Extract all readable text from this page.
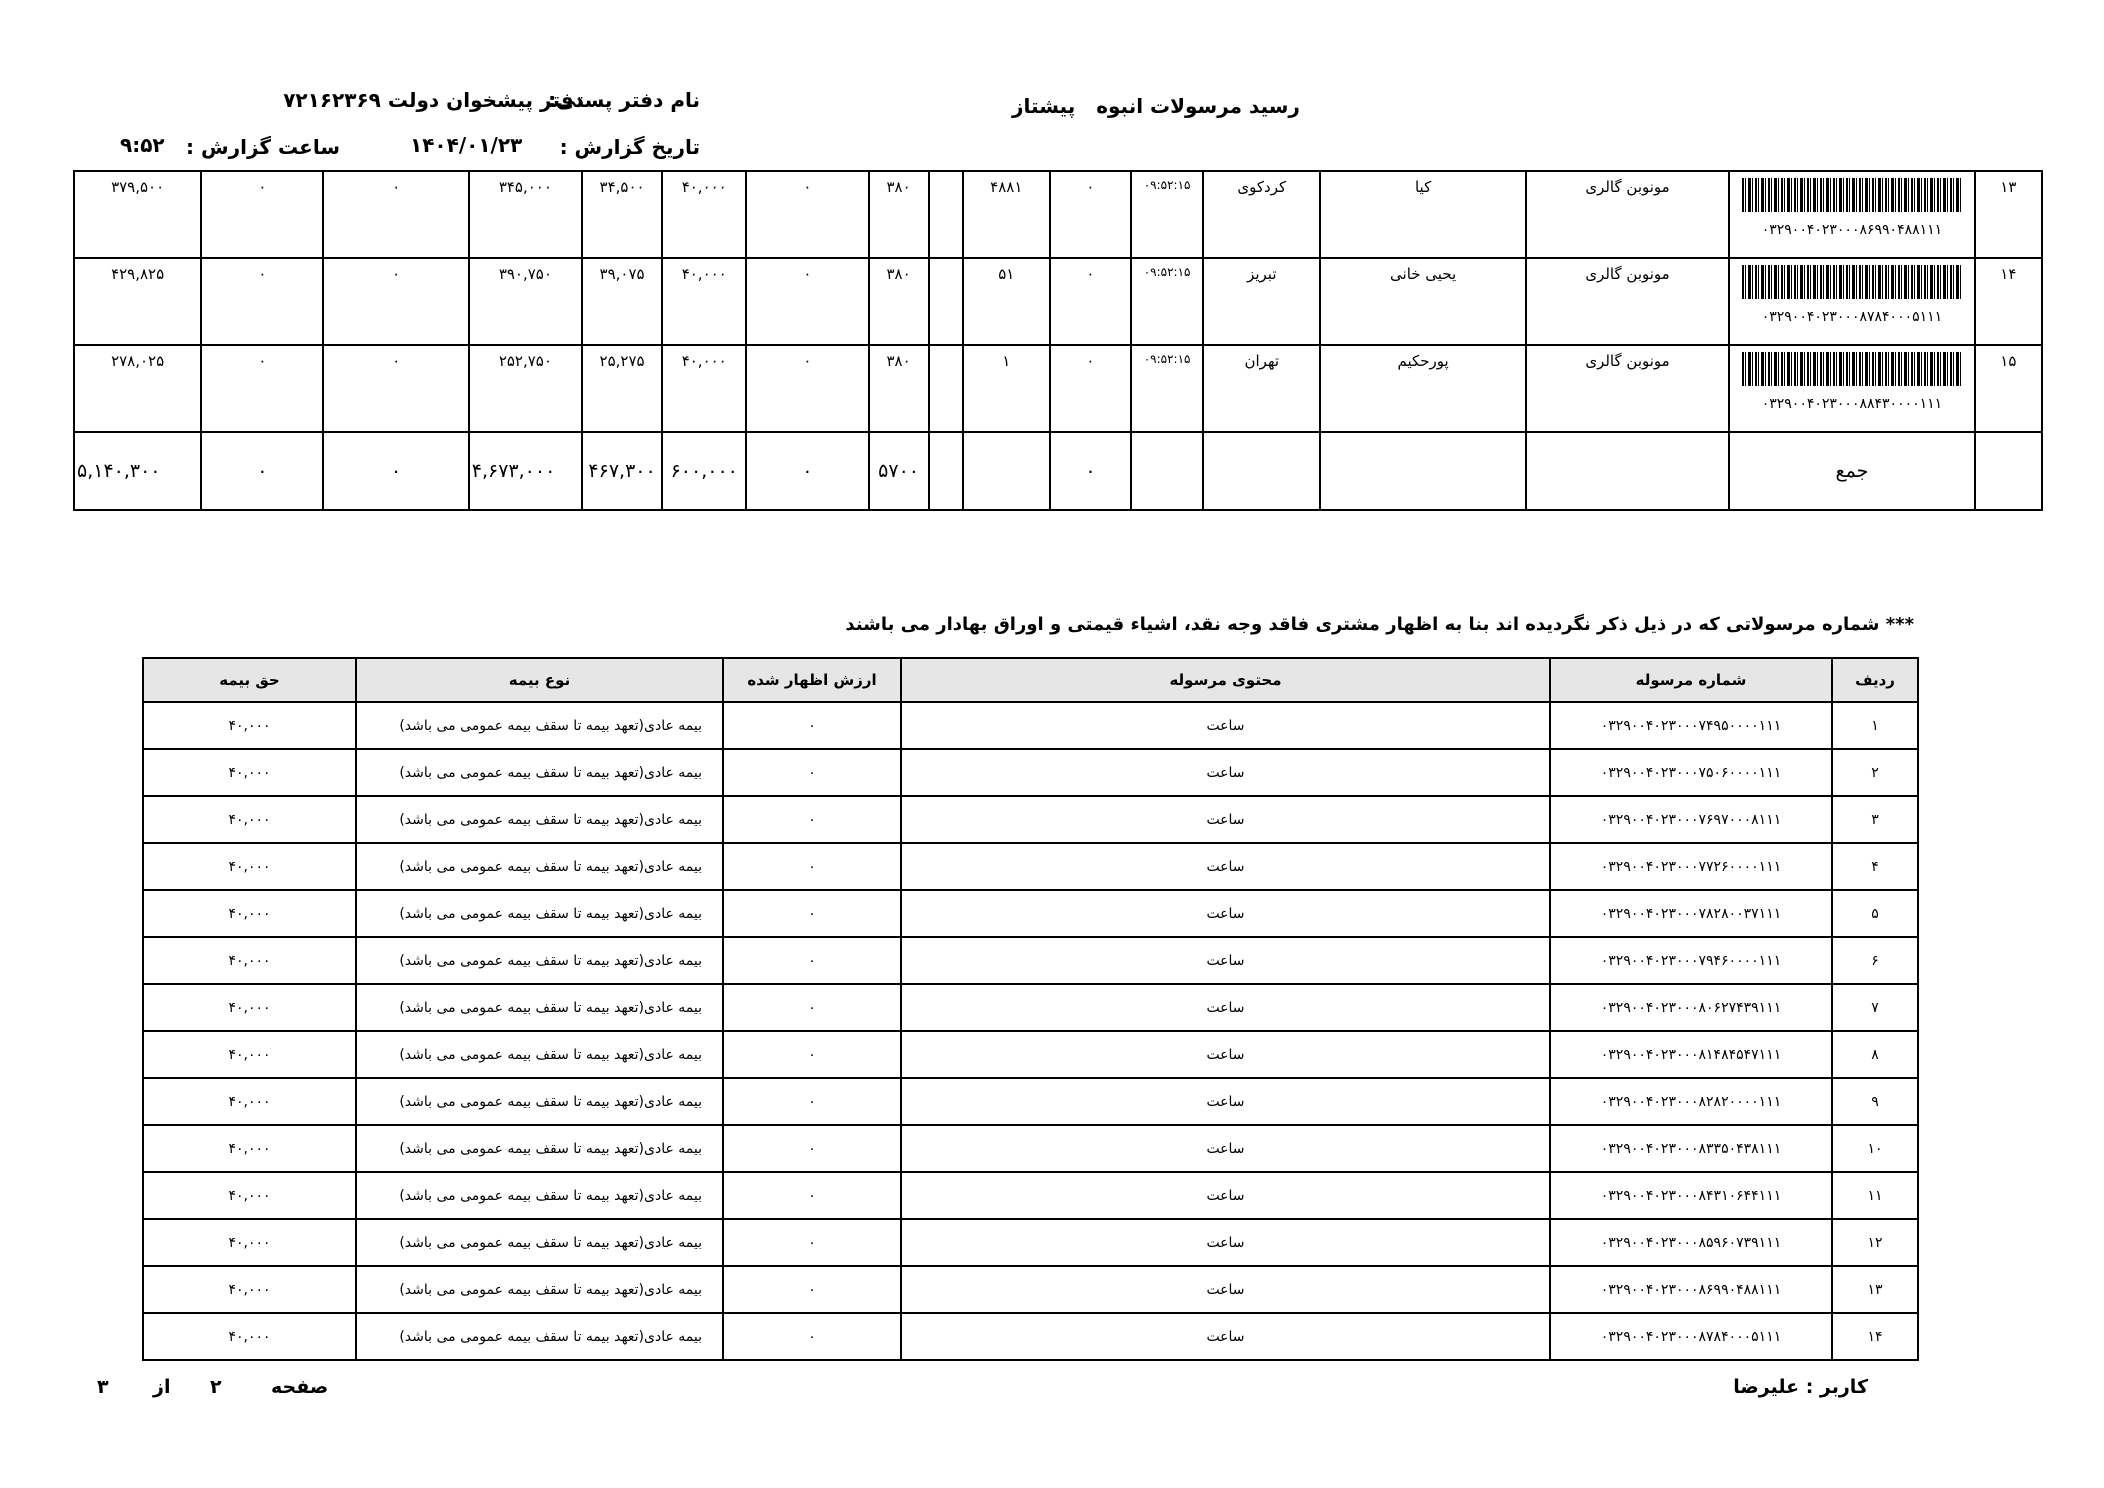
رسید مرسولات انبوه پیشتاز
نام دفتر پستی:
دفتر پیشخوان دولت ۷۲۱۶۲۳۶۹
تاریخ گزارش :
۱۴۰۴/۰۱/۲۳
ساعت گزارش :
۹:۵۲
۳۷۹,۵۰۰	۰	۰	۳۴۵,۰۰۰	۳۴,۵۰۰	۴۰,۰۰۰	۰	۳۸۰		۴۸۸۱	۰	۰۹:۵۲:۱۵	کردکوی	کیا	مونوبن گالری	۰۳۲۹۰۰۴۰۲۳۰۰۰۸۶۹۹۰۴۸۸۱۱۱	۱۳
۴۲۹,۸۲۵	۰	۰	۳۹۰,۷۵۰	۳۹,۰۷۵	۴۰,۰۰۰	۰	۳۸۰		۵۱	۰	۰۹:۵۲:۱۵	تبریز	یحیی خانی	مونوبن گالری	۰۳۲۹۰۰۴۰۲۳۰۰۰۸۷۸۴۰۰۰۵۱۱۱	۱۴
۲۷۸,۰۲۵	۰	۰	۲۵۲,۷۵۰	۲۵,۲۷۵	۴۰,۰۰۰	۰	۳۸۰		۱	۰	۰۹:۵۲:۱۵	تهران	پورحکیم	مونوبن گالری	۰۳۲۹۰۰۴۰۲۳۰۰۰۸۸۴۳۰۰۰۰۱۱۱	۱۵
۵,۱۴۰,۳۰۰	۰	۰	۴,۶۷۳,۰۰۰	۴۶۷,۳۰۰	۶۰۰,۰۰۰	۰	۵۷۰۰			۰					جمع	
*** شماره مرسولاتی که در ذیل ذکر نگردیده اند بنا به اظهار مشتری فاقد وجه نقد، اشیاء قیمتی و اوراق بهادار می باشند
حق بیمه	نوع بیمه	ارزش اظهار شده	محتوی مرسوله	شماره مرسوله	ردیف
۴۰,۰۰۰	بیمه عادی(تعهد بیمه تا سقف بیمه عمومی می باشد)	۰	ساعت	۰۳۲۹۰۰۴۰۲۳۰۰۰۷۴۹۵۰۰۰۰۱۱۱	۱
۴۰,۰۰۰	بیمه عادی(تعهد بیمه تا سقف بیمه عمومی می باشد)	۰	ساعت	۰۳۲۹۰۰۴۰۲۳۰۰۰۷۵۰۶۰۰۰۰۱۱۱	۲
۴۰,۰۰۰	بیمه عادی(تعهد بیمه تا سقف بیمه عمومی می باشد)	۰	ساعت	۰۳۲۹۰۰۴۰۲۳۰۰۰۷۶۹۷۰۰۰۸۱۱۱	۳
۴۰,۰۰۰	بیمه عادی(تعهد بیمه تا سقف بیمه عمومی می باشد)	۰	ساعت	۰۳۲۹۰۰۴۰۲۳۰۰۰۷۷۲۶۰۰۰۰۱۱۱	۴
۴۰,۰۰۰	بیمه عادی(تعهد بیمه تا سقف بیمه عمومی می باشد)	۰	ساعت	۰۳۲۹۰۰۴۰۲۳۰۰۰۷۸۲۸۰۰۳۷۱۱۱	۵
۴۰,۰۰۰	بیمه عادی(تعهد بیمه تا سقف بیمه عمومی می باشد)	۰	ساعت	۰۳۲۹۰۰۴۰۲۳۰۰۰۷۹۴۶۰۰۰۰۱۱۱	۶
۴۰,۰۰۰	بیمه عادی(تعهد بیمه تا سقف بیمه عمومی می باشد)	۰	ساعت	۰۳۲۹۰۰۴۰۲۳۰۰۰۸۰۶۲۷۴۳۹۱۱۱	۷
۴۰,۰۰۰	بیمه عادی(تعهد بیمه تا سقف بیمه عمومی می باشد)	۰	ساعت	۰۳۲۹۰۰۴۰۲۳۰۰۰۸۱۴۸۴۵۴۷۱۱۱	۸
۴۰,۰۰۰	بیمه عادی(تعهد بیمه تا سقف بیمه عمومی می باشد)	۰	ساعت	۰۳۲۹۰۰۴۰۲۳۰۰۰۸۲۸۲۰۰۰۰۱۱۱	۹
۴۰,۰۰۰	بیمه عادی(تعهد بیمه تا سقف بیمه عمومی می باشد)	۰	ساعت	۰۳۲۹۰۰۴۰۲۳۰۰۰۸۳۳۵۰۴۳۸۱۱۱	۱۰
۴۰,۰۰۰	بیمه عادی(تعهد بیمه تا سقف بیمه عمومی می باشد)	۰	ساعت	۰۳۲۹۰۰۴۰۲۳۰۰۰۸۴۳۱۰۶۴۴۱۱۱	۱۱
۴۰,۰۰۰	بیمه عادی(تعهد بیمه تا سقف بیمه عمومی می باشد)	۰	ساعت	۰۳۲۹۰۰۴۰۲۳۰۰۰۸۵۹۶۰۷۳۹۱۱۱	۱۲
۴۰,۰۰۰	بیمه عادی(تعهد بیمه تا سقف بیمه عمومی می باشد)	۰	ساعت	۰۳۲۹۰۰۴۰۲۳۰۰۰۸۶۹۹۰۴۸۸۱۱۱	۱۳
۴۰,۰۰۰	بیمه عادی(تعهد بیمه تا سقف بیمه عمومی می باشد)	۰	ساعت	۰۳۲۹۰۰۴۰۲۳۰۰۰۸۷۸۴۰۰۰۵۱۱۱	۱۴
کاربر : علیرضا
صفحه
۲
از
۳
